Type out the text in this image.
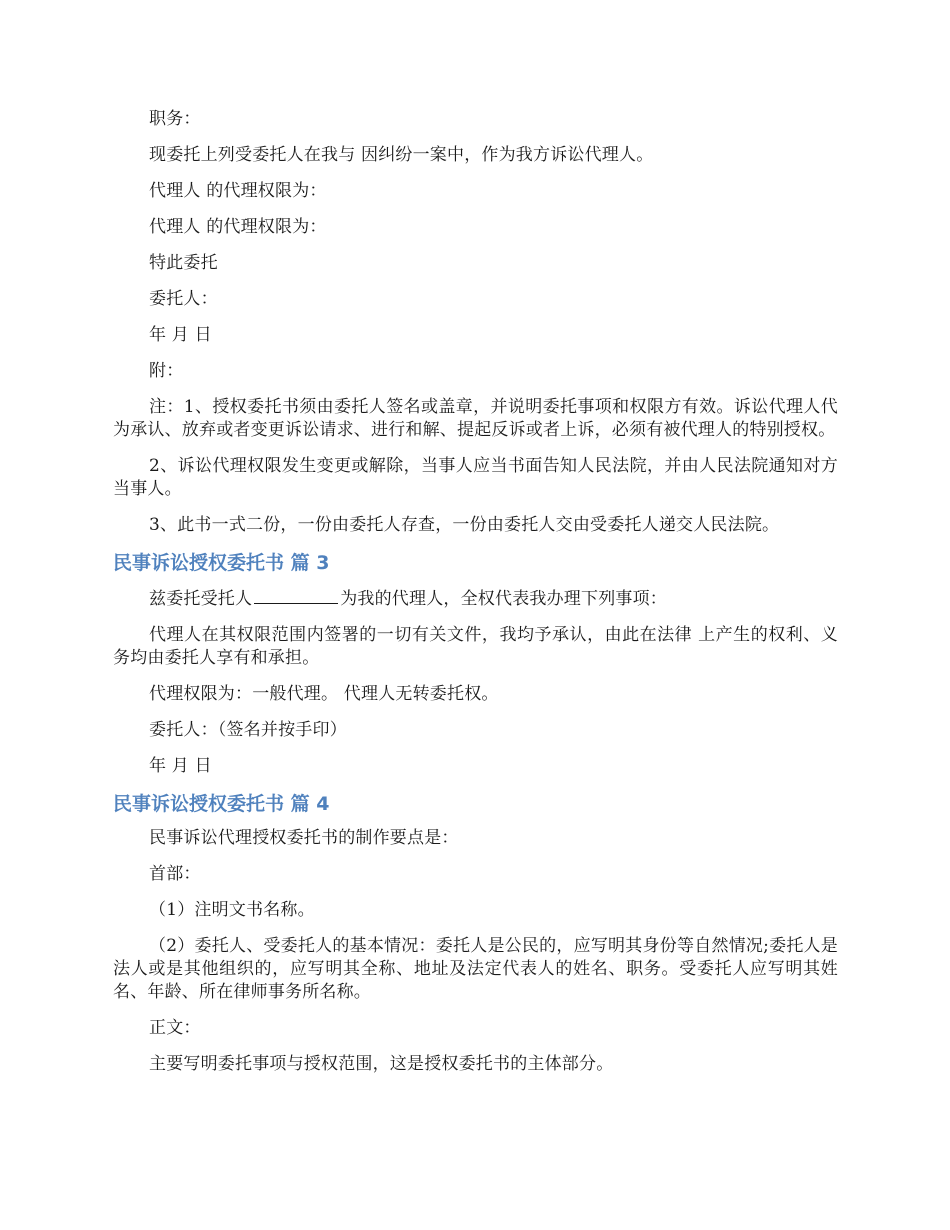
职务：

现委托上列受委托人在我与 因纠纷一案中，作为我方诉讼代理人。

代理人 的代理权限为：

代理人 的代理权限为：

特此委托

委托人：

年 月 日

附：

注：1、授权委托书须由委托人签名或盖章，并说明委托事项和权限方有效。诉讼代理人代为承认、放弃或者变更诉讼请求、进行和解、提起反诉或者上诉，必须有被代理人的特别授权。

2、诉讼代理权限发生变更或解除，当事人应当书面告知人民法院，并由人民法院通知对方当事人。

3、此书一式二份，一份由委托人存查，一份由委托人交由受委托人递交人民法院。

民事诉讼授权委托书 篇 3

兹委托受托人	为我的代理人，全权代表我办理下列事项：

代理人在其权限范围内签署的一切有关文件，我均予承认，由此在法律 上产生的权利、义务均由委托人享有和承担。

代理权限为：一般代理。 代理人无转委托权。

委托人：（签名并按手印）

年 月 日

民事诉讼授权委托书 篇 4

民事诉讼代理授权委托书的制作要点是：

首部：

（1）注明文书名称。

（2）委托人、受委托人的基本情况：委托人是公民的，应写明其身份等自然情况;委托人是法人或是其他组织的，应写明其全称、地址及法定代表人的姓名、职务。受委托人应写明其姓名、年龄、所在律师事务所名称。

正文：

主要写明委托事项与授权范围，这是授权委托书的主体部分。
